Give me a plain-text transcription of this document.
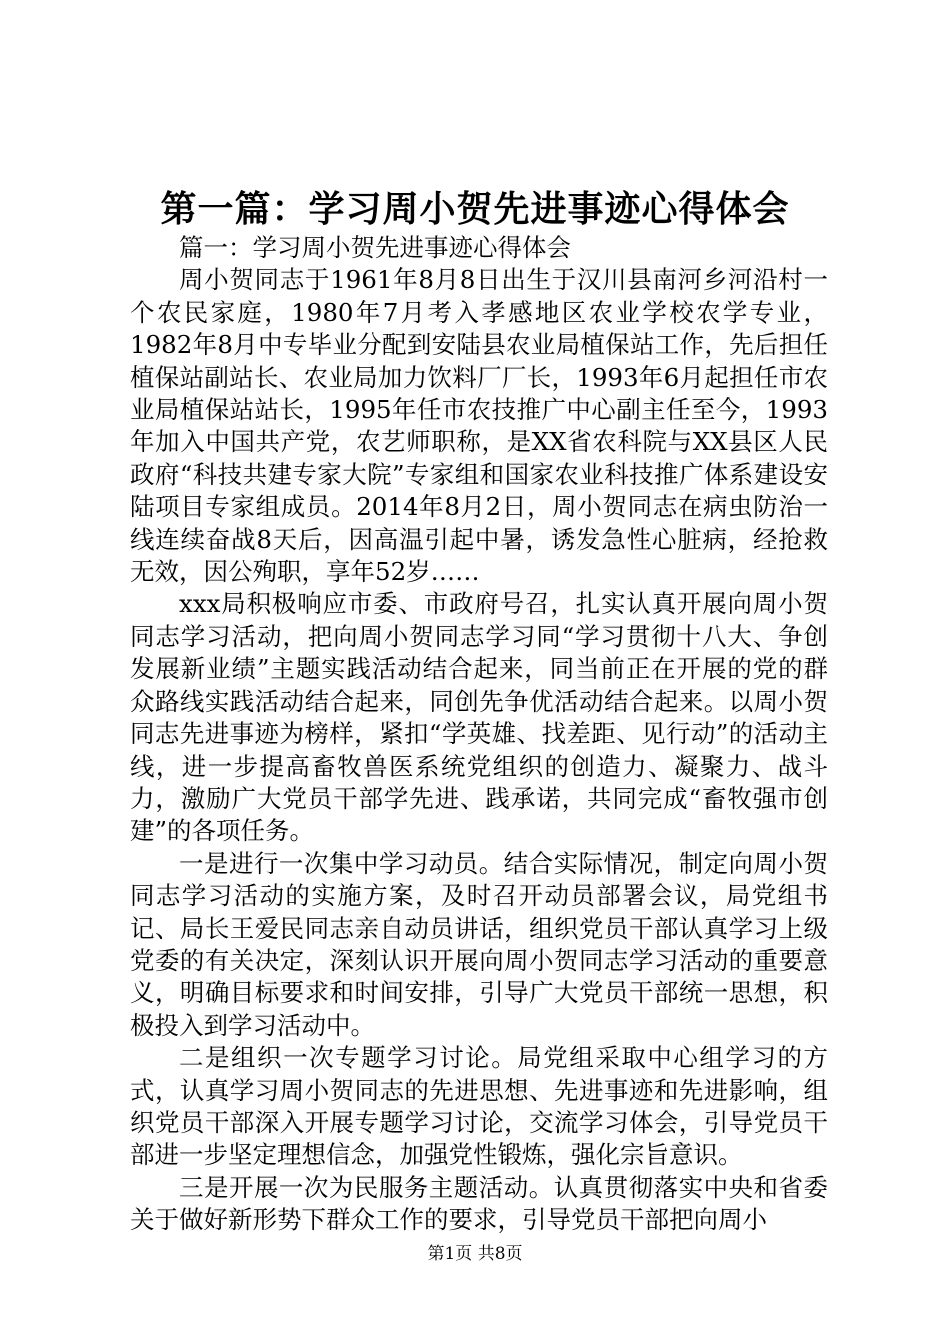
第一篇：学习周小贺先进事迹心得体会

篇一：学习周小贺先进事迹心得体会

周小贺同志于1961年8月8日出生于汉川县南河乡河沿村一个农民家庭，1980年7月考入孝感地区农业学校农学专业，1982年8月中专毕业分配到安陆县农业局植保站工作，先后担任植保站副站长、农业局加力饮料厂厂长，1993年6月起担任市农业局植保站站长，1995年任市农技推广中心副主任至今，1993年加入中国共产党，农艺师职称，是XX省农科院与XX县区人民政府“科技共建专家大院”专家组和国家农业科技推广体系建设安陆项目专家组成员。2014年8月2日，周小贺同志在病虫防治一线连续奋战8天后，因高温引起中暑，诱发急性心脏病，经抢救无效，因公殉职，享年52岁……

xxx局积极响应市委、市政府号召，扎实认真开展向周小贺同志学习活动，把向周小贺同志学习同“学习贯彻十八大、争创发展新业绩”主题实践活动结合起来，同当前正在开展的党的群众路线实践活动结合起来，同创先争优活动结合起来。以周小贺同志先进事迹为榜样，紧扣“学英雄、找差距、见行动”的活动主线，进一步提高畜牧兽医系统党组织的创造力、凝聚力、战斗力，激励广大党员干部学先进、践承诺，共同完成“畜牧强市创建”的各项任务。

一是进行一次集中学习动员。结合实际情况，制定向周小贺同志学习活动的实施方案，及时召开动员部署会议，局党组书记、局长王爱民同志亲自动员讲话，组织党员干部认真学习上级党委的有关决定，深刻认识开展向周小贺同志学习活动的重要意义，明确目标要求和时间安排，引导广大党员干部统一思想，积极投入到学习活动中。

二是组织一次专题学习讨论。局党组采取中心组学习的方式，认真学习周小贺同志的先进思想、先进事迹和先进影响，组织党员干部深入开展专题学习讨论，交流学习体会，引导党员干部进一步坚定理想信念，加强党性锻炼，强化宗旨意识。

三是开展一次为民服务主题活动。认真贯彻落实中央和省委关于做好新形势下群众工作的要求，引导党员干部把向周小

第1页 共8页
